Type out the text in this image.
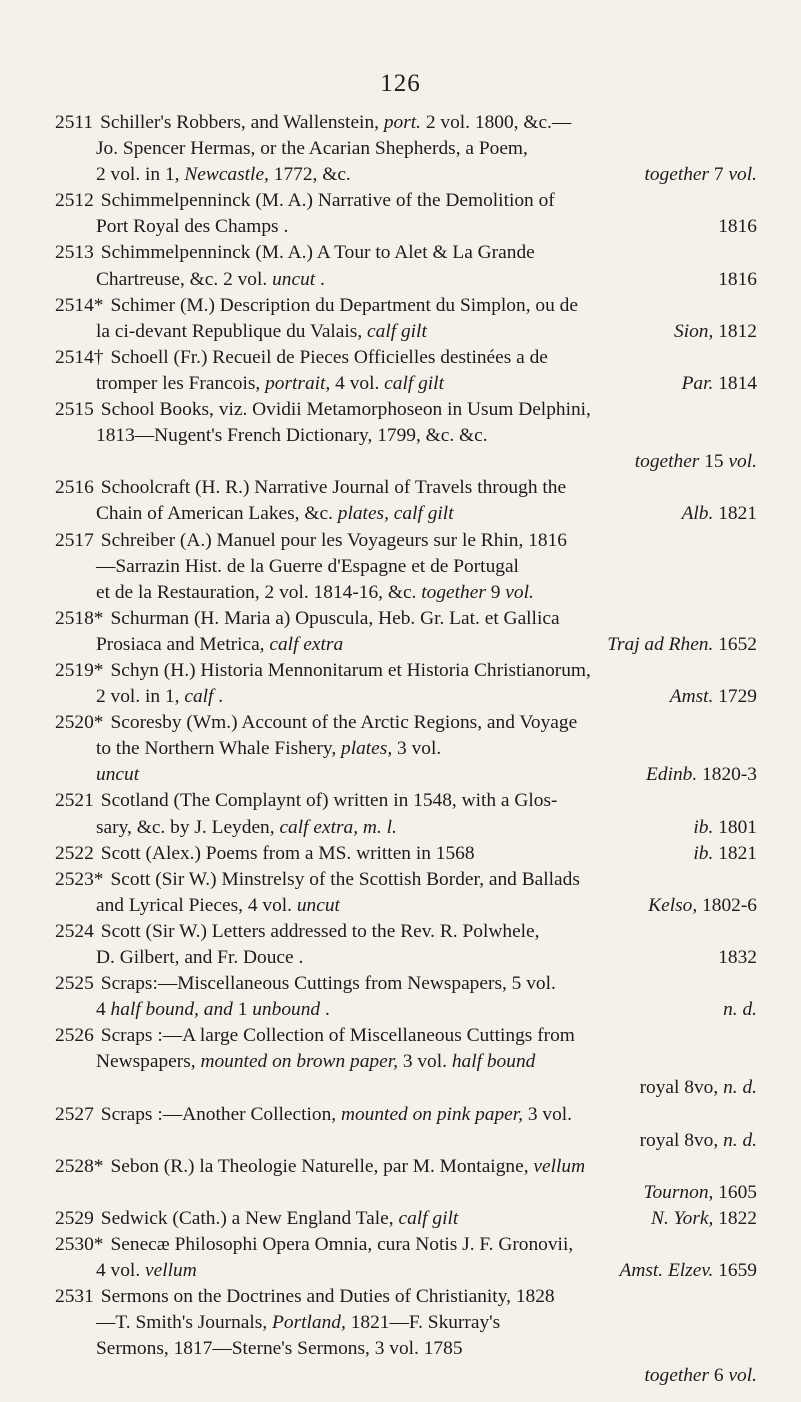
126
2511 Schiller's Robbers, and Wallenstein, port. 2 vol. 1800, &c.—
Jo. Spencer Hermas, or the Acarian Shepherds, a Poem,
2 vol. in 1, Newcastle, 1772, &c.	together 7 vol.
2512 Schimmelpenninck (M. A.) Narrative of the Demolition of
Port Royal des Champs .	1816
2513 Schimmelpenninck (M. A.) A Tour to Alet & La Grande
Chartreuse, &c. 2 vol. uncut .	1816
2514* Schimer (M.) Description du Department du Simplon, ou de
la ci-devant Republique du Valais, calf gilt	Sion, 1812
2514† Schoell (Fr.) Recueil de Pieces Officielles destinées a de
tromper les Francois, portrait, 4 vol. calf gilt	Par. 1814
2515 School Books, viz. Ovidii Metamorphoseon in Usum Delphini,
1813—Nugent's French Dictionary, 1799, &c. &c.
together 15 vol.
2516 Schoolcraft (H. R.) Narrative Journal of Travels through the
Chain of American Lakes, &c. plates, calf gilt	Alb. 1821
2517 Schreiber (A.) Manuel pour les Voyageurs sur le Rhin, 1816
—Sarrazin Hist. de la Guerre d'Espagne et de Portugal
et de la Restauration, 2 vol. 1814-16, &c. together 9 vol.
2518* Schurman (H. Maria a) Opuscula, Heb. Gr. Lat. et Gallica
Prosiaca and Metrica, calf extra	Traj ad Rhen. 1652
2519* Schyn (H.) Historia Mennonitarum et Historia Christianorum,
2 vol. in 1, calf .	Amst. 1729
2520* Scoresby (Wm.) Account of the Arctic Regions, and Voyage
to the Northern Whale Fishery, plates, 3 vol.
uncut	Edinb. 1820-3
2521 Scotland (The Complaynt of) written in 1548, with a Glos-
sary, &c. by J. Leyden, calf extra, m. l.	ib. 1801
2522 Scott (Alex.) Poems from a MS. written in 1568	ib. 1821
2523* Scott (Sir W.) Minstrelsy of the Scottish Border, and Ballads
and Lyrical Pieces, 4 vol. uncut	Kelso, 1802-6
2524 Scott (Sir W.) Letters addressed to the Rev. R. Polwhele,
D. Gilbert, and Fr. Douce .	1832
2525 Scraps:—Miscellaneous Cuttings from Newspapers, 5 vol.
4 half bound, and 1 unbound .	n. d.
2526 Scraps :—A large Collection of Miscellaneous Cuttings from
Newspapers, mounted on brown paper, 3 vol. half bound
royal 8vo, n. d.
2527 Scraps :—Another Collection, mounted on pink paper, 3 vol.
royal 8vo, n. d.
2528* Sebon (R.) la Theologie Naturelle, par M. Montaigne, vellum
Tournon, 1605
2529 Sedwick (Cath.) a New England Tale, calf gilt	N. York, 1822
2530* Senecæ Philosophi Opera Omnia, cura Notis J. F. Gronovii,
4 vol. vellum	Amst. Elzev. 1659
2531 Sermons on the Doctrines and Duties of Christianity, 1828
—T. Smith's Journals, Portland, 1821—F. Skurray's
Sermons, 1817—Sterne's Sermons, 3 vol. 1785
together 6 vol.
